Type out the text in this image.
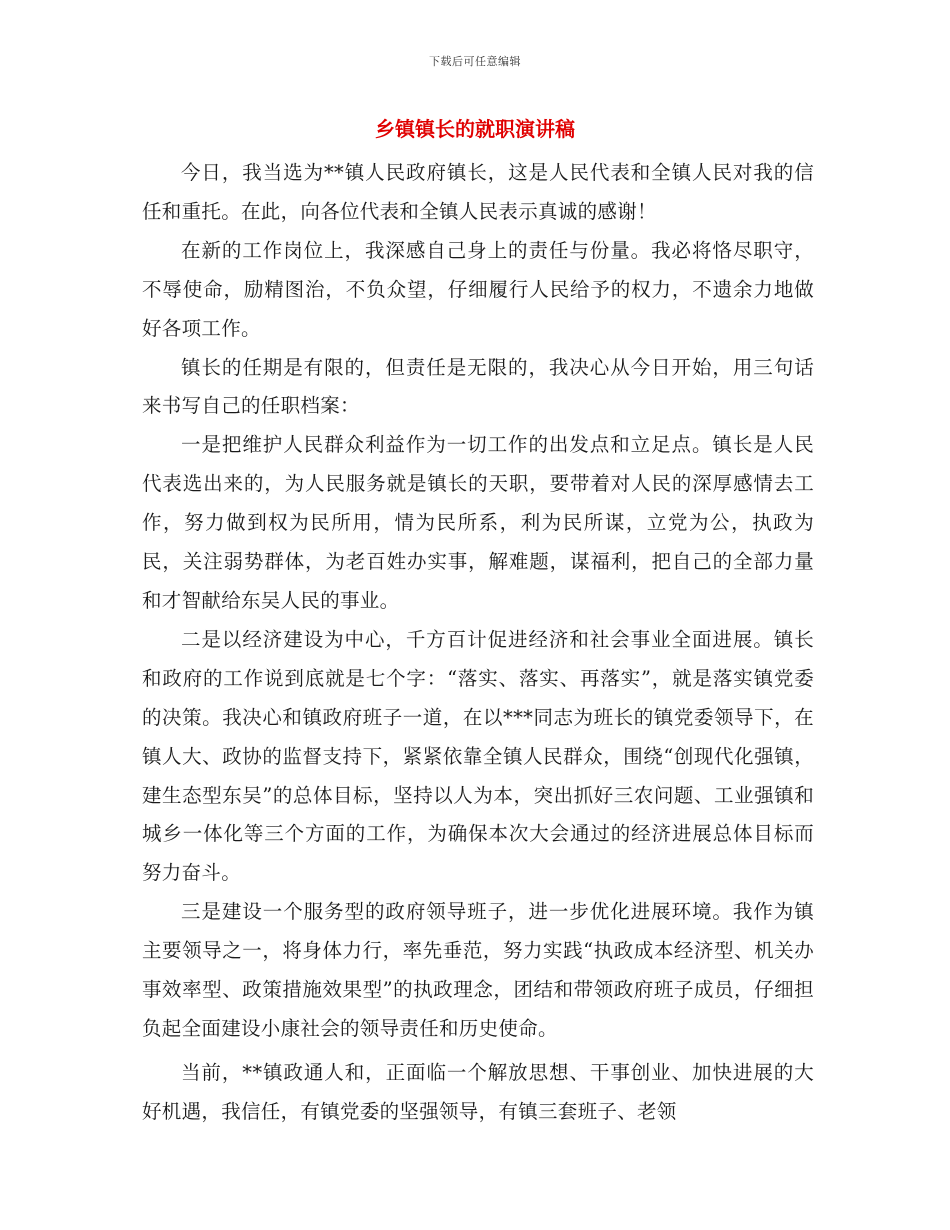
下载后可任意编辑
乡镇镇长的就职演讲稿

今日，我当选为**镇人民政府镇长，这是人民代表和全镇人民对我的信任和重托。在此，向各位代表和全镇人民表示真诚的感谢！

在新的工作岗位上，我深感自己身上的责任与份量。我必将恪尽职守，不辱使命，励精图治，不负众望，仔细履行人民给予的权力，不遗余力地做好各项工作。

镇长的任期是有限的，但责任是无限的，我决心从今日开始，用三句话来书写自己的任职档案：

一是把维护人民群众利益作为一切工作的出发点和立足点。镇长是人民代表选出来的，为人民服务就是镇长的天职，要带着对人民的深厚感情去工作，努力做到权为民所用，情为民所系，利为民所谋，立党为公，执政为民，关注弱势群体，为老百姓办实事，解难题，谋福利，把自己的全部力量和才智献给东吴人民的事业。

二是以经济建设为中心，千方百计促进经济和社会事业全面进展。镇长和政府的工作说到底就是七个字：“落实、落实、再落实”，就是落实镇党委的决策。我决心和镇政府班子一道，在以***同志为班长的镇党委领导下，在镇人大、政协的监督支持下，紧紧依靠全镇人民群众，围绕“创现代化强镇，建生态型东吴”的总体目标，坚持以人为本，突出抓好三农问题、工业强镇和城乡一体化等三个方面的工作，为确保本次大会通过的经济进展总体目标而努力奋斗。

三是建设一个服务型的政府领导班子，进一步优化进展环境。我作为镇主要领导之一，将身体力行，率先垂范，努力实践“执政成本经济型、机关办事效率型、政策措施效果型”的执政理念，团结和带领政府班子成员，仔细担负起全面建设小康社会的领导责任和历史使命。

当前，**镇政通人和，正面临一个解放思想、干事创业、加快进展的大好机遇，我信任，有镇党委的坚强领导，有镇三套班子、老领
